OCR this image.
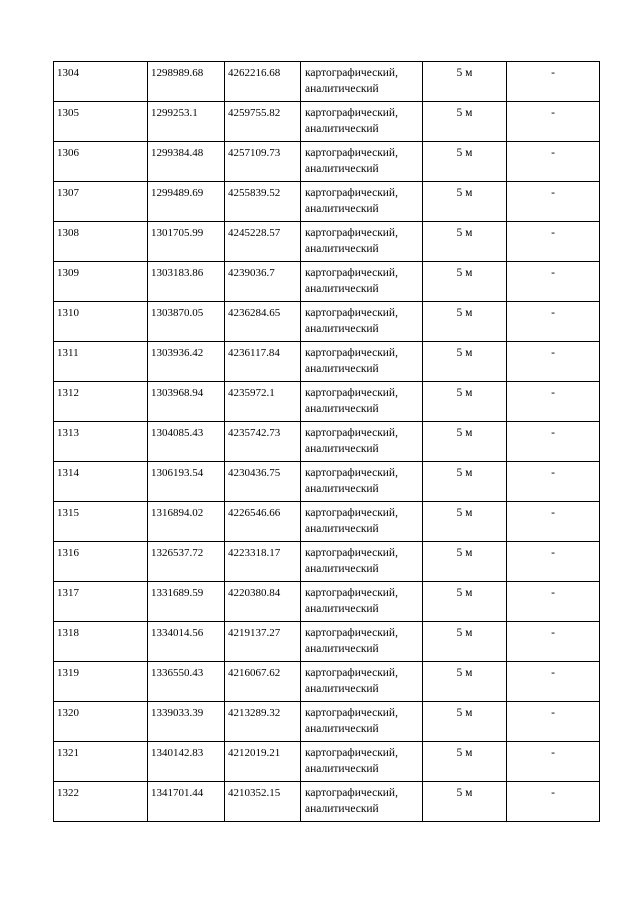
1304	1298989.68	4262216.68	картографический,
аналитический	5 м	-
1305	1299253.1	4259755.82	картографический,
аналитический	5 м	-
1306	1299384.48	4257109.73	картографический,
аналитический	5 м	-
1307	1299489.69	4255839.52	картографический,
аналитический	5 м	-
1308	1301705.99	4245228.57	картографический,
аналитический	5 м	-
1309	1303183.86	4239036.7	картографический,
аналитический	5 м	-
1310	1303870.05	4236284.65	картографический,
аналитический	5 м	-
1311	1303936.42	4236117.84	картографический,
аналитический	5 м	-
1312	1303968.94	4235972.1	картографический,
аналитический	5 м	-
1313	1304085.43	4235742.73	картографический,
аналитический	5 м	-
1314	1306193.54	4230436.75	картографический,
аналитический	5 м	-
1315	1316894.02	4226546.66	картографический,
аналитический	5 м	-
1316	1326537.72	4223318.17	картографический,
аналитический	5 м	-
1317	1331689.59	4220380.84	картографический,
аналитический	5 м	-
1318	1334014.56	4219137.27	картографический,
аналитический	5 м	-
1319	1336550.43	4216067.62	картографический,
аналитический	5 м	-
1320	1339033.39	4213289.32	картографический,
аналитический	5 м	-
1321	1340142.83	4212019.21	картографический,
аналитический	5 м	-
1322	1341701.44	4210352.15	картографический,
аналитический	5 м	-
